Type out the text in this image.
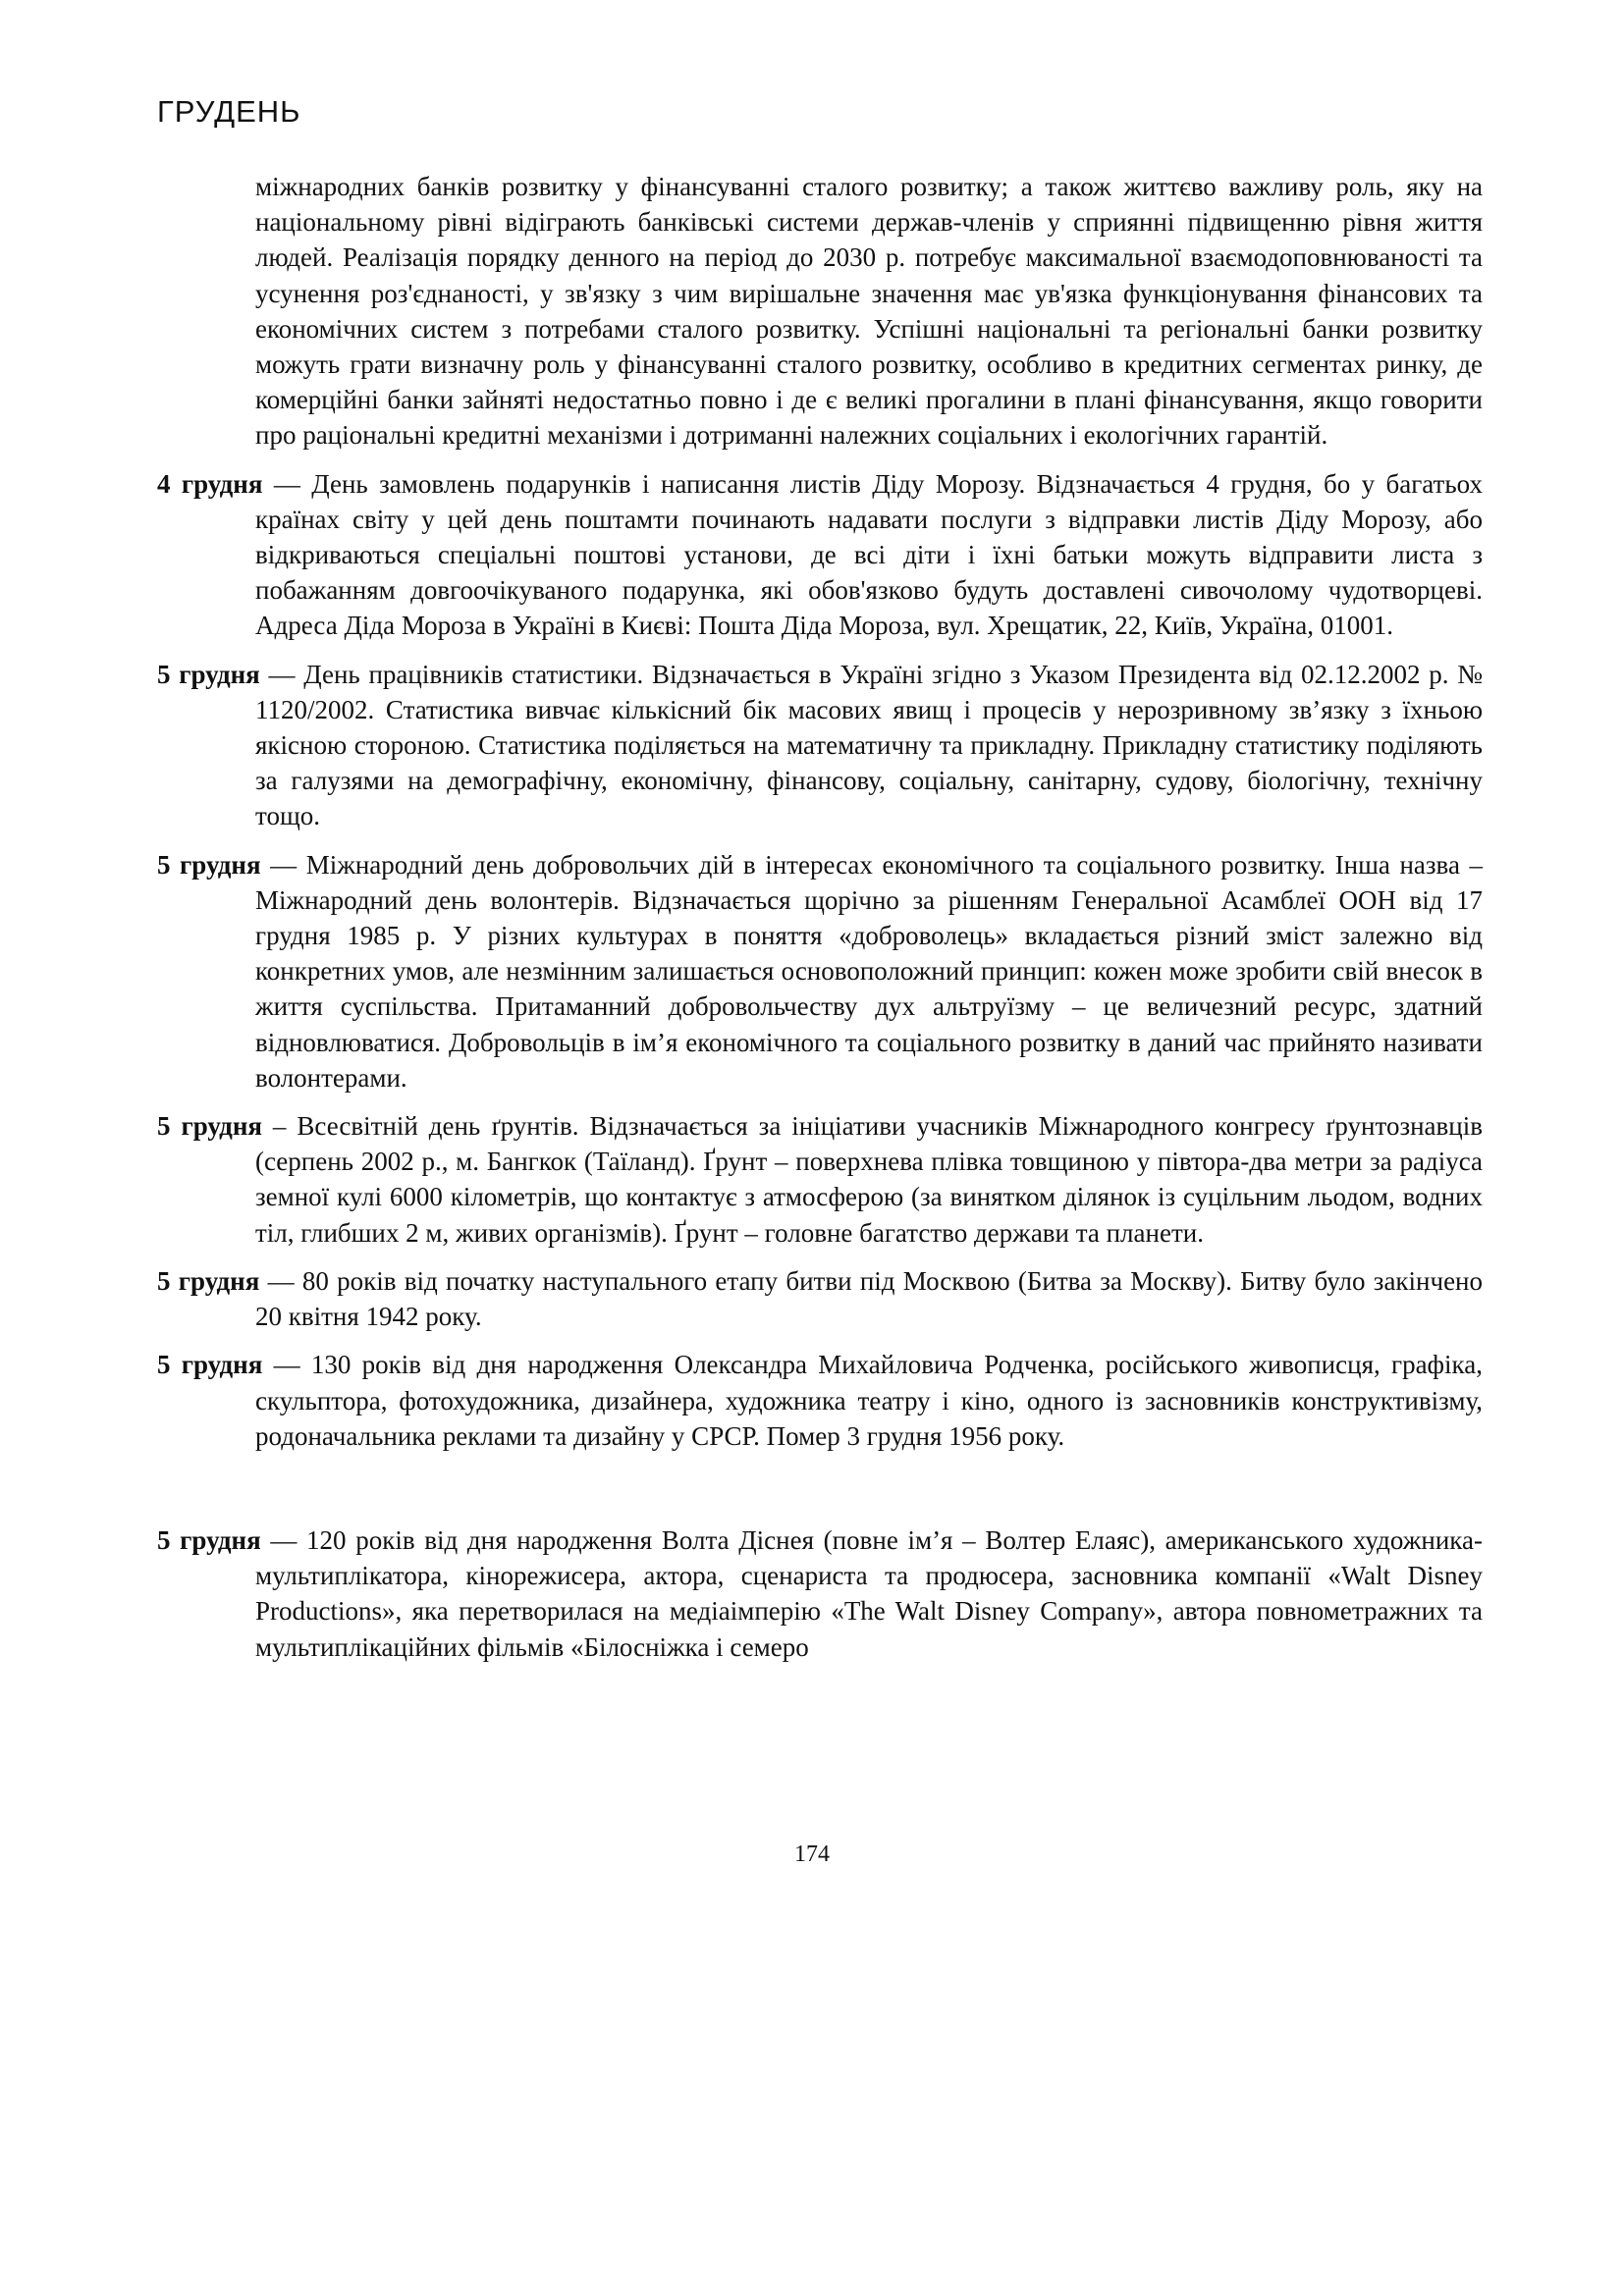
ГРУДЕНЬ

міжнародних банків розвитку у фінансуванні сталого розвитку; а також життєво важливу роль, яку на національному рівні відіграють банківські системи держав-членів у сприянні підвищенню рівня життя людей. Реалізація порядку денного на період до 2030 р. потребує максимальної взаємодоповнюваності та усунення роз'єднаності, у зв'язку з чим вирішальне значення має ув'язка функціонування фінансових та економічних систем з потребами сталого розвитку. Успішні національні та регіональні банки розвитку можуть грати визначну роль у фінансуванні сталого розвитку, особливо в кредитних сегментах ринку, де комерційні банки зайняті недостатньо повно і де є великі прогалини в плані фінансування, якщо говорити про раціональні кредитні механізми і дотриманні належних соціальних і екологічних гарантій.

4 грудня — День замовлень подарунків і написання листів Діду Морозу. Відзначається 4 грудня, бо у багатьох країнах світу у цей день поштамти починають надавати послуги з відправки листів Діду Морозу, або відкриваються спеціальні поштові установи, де всі діти і їхні батьки можуть відправити листа з побажанням довгоочікуваного подарунка, які обов'язково будуть доставлені сивочолому чудотворцеві. Адреса Діда Мороза в Україні в Києві: Пошта Діда Мороза, вул. Хрещатик, 22, Київ, Україна, 01001.

5 грудня — День працівників статистики. Відзначається в Україні згідно з Указом Президента від 02.12.2002 р. № 1120/2002. Статистика вивчає кількісний бік масових явищ і процесів у нерозривному зв’язку з їхньою якісною стороною. Статистика поділяється на математичну та прикладну. Прикладну статистику поділяють за галузями на демографічну, економічну, фінансову, соціальну, санітарну, судову, біологічну, технічну тощо.

5 грудня — Міжнародний день добровольчих дій в інтересах економічного та соціального розвитку. Інша назва – Міжнародний день волонтерів. Відзначається щорічно за рішенням Генеральної Асамблеї ООН від 17 грудня 1985 р. У різних культурах в поняття «доброволець» вкладається різний зміст залежно від конкретних умов, але незмінним залишається основоположний принцип: кожен може зробити свій внесок в життя суспільства. Притаманний добровольчеству дух альтруїзму – це величезний ресурс, здатний відновлюватися. Добровольців в ім’я економічного та соціального розвитку в даний час прийнято називати волонтерами.

5 грудня – Всесвітній день ґрунтів. Відзначається за ініціативи учасників Міжнародного конгресу ґрунтознавців (серпень 2002 р., м. Бангкок (Таїланд). Ґрунт – поверхнева плівка товщиною у півтора-два метри за радіуса земної кулі 6000 кілометрів, що контактує з атмосферою (за винятком ділянок із суцільним льодом, водних тіл, глибших 2 м, живих організмів). Ґрунт – головне багатство держави та планети.

5 грудня — 80 років від початку наступального етапу битви під Москвою (Битва за Москву). Битву було закінчено 20 квітня 1942 року.

5 грудня — 130 років від дня народження Олександра Михайловича Родченка, російського живописця, графіка, скульптора, фотохудожника, дизайнера, художника театру і кіно, одного із засновників конструктивізму, родоначальника реклами та дизайну у СРСР. Помер 3 грудня 1956 року.

5 грудня — 120 років від дня народження Волта Діснея (повне ім’я – Волтер Елаяс), американського художника-мультиплікатора, кінорежисера, актора, сценариста та продюсера, засновника компанії «Walt Disney Productions», яка перетворилася на медіаімперію «The Walt Disney Company», автора повнометражних та мультиплікаційних фільмів «Білосніжка і семеро

174
